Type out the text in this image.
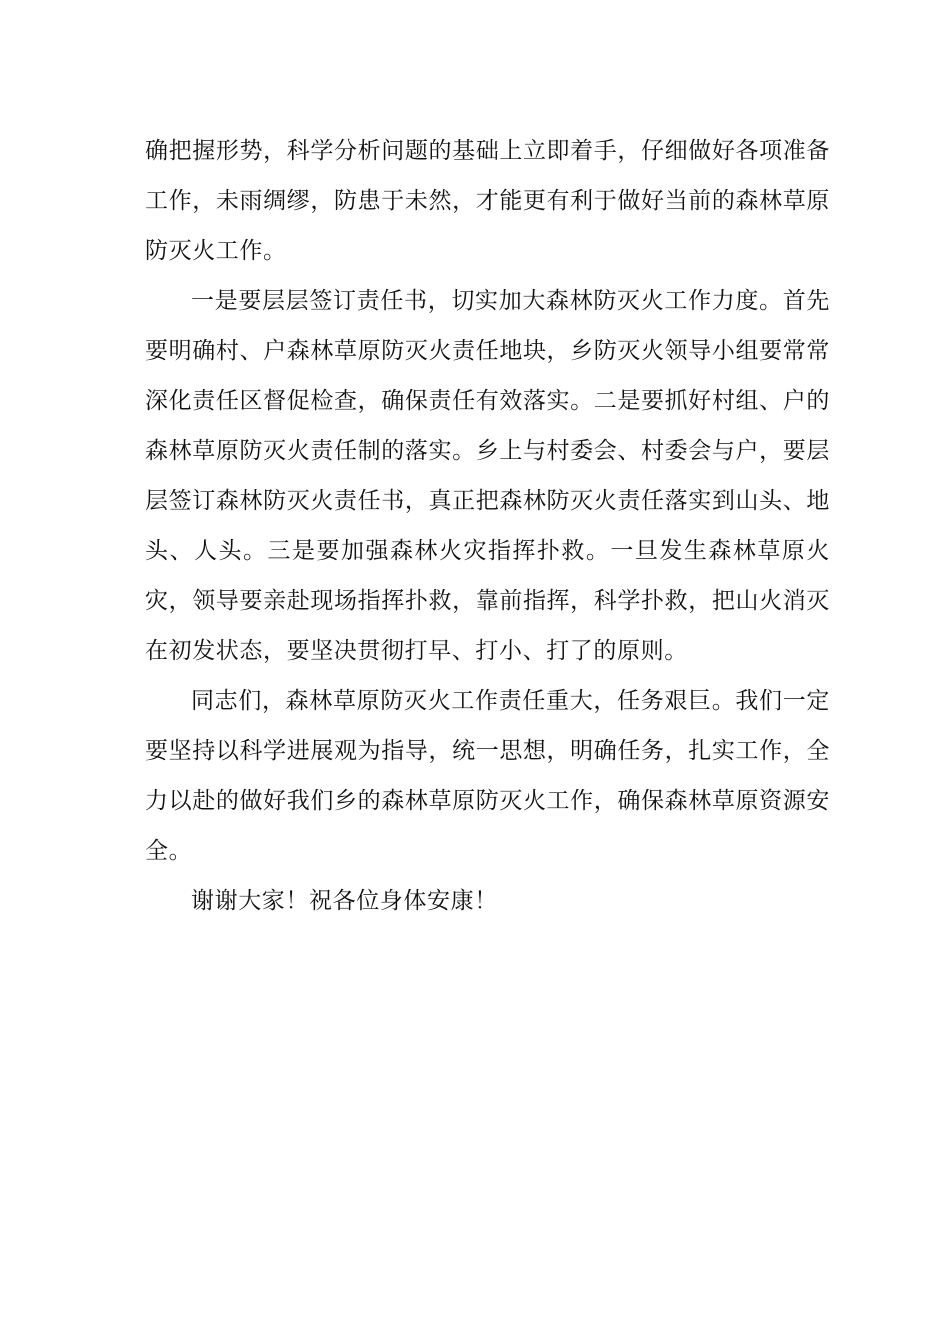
确把握形势，科学分析问题的基础上立即着手，仔细做好各项准备工作，未雨绸缪，防患于未然，才能更有利于做好当前的森林草原防灭火工作。

一是要层层签订责任书，切实加大森林防灭火工作力度。首先要明确村、户森林草原防灭火责任地块，乡防灭火领导小组要常常深化责任区督促检查，确保责任有效落实。二是要抓好村组、户的森林草原防灭火责任制的落实。乡上与村委会、村委会与户，要层层签订森林防灭火责任书，真正把森林防灭火责任落实到山头、地头、人头。三是要加强森林火灾指挥扑救。一旦发生森林草原火灾，领导要亲赴现场指挥扑救，靠前指挥，科学扑救，把山火消灭在初发状态，要坚决贯彻打早、打小、打了的原则。

同志们，森林草原防灭火工作责任重大，任务艰巨。我们一定要坚持以科学进展观为指导，统一思想，明确任务，扎实工作，全力以赴的做好我们乡的森林草原防灭火工作，确保森林草原资源安全。

谢谢大家！祝各位身体安康！
